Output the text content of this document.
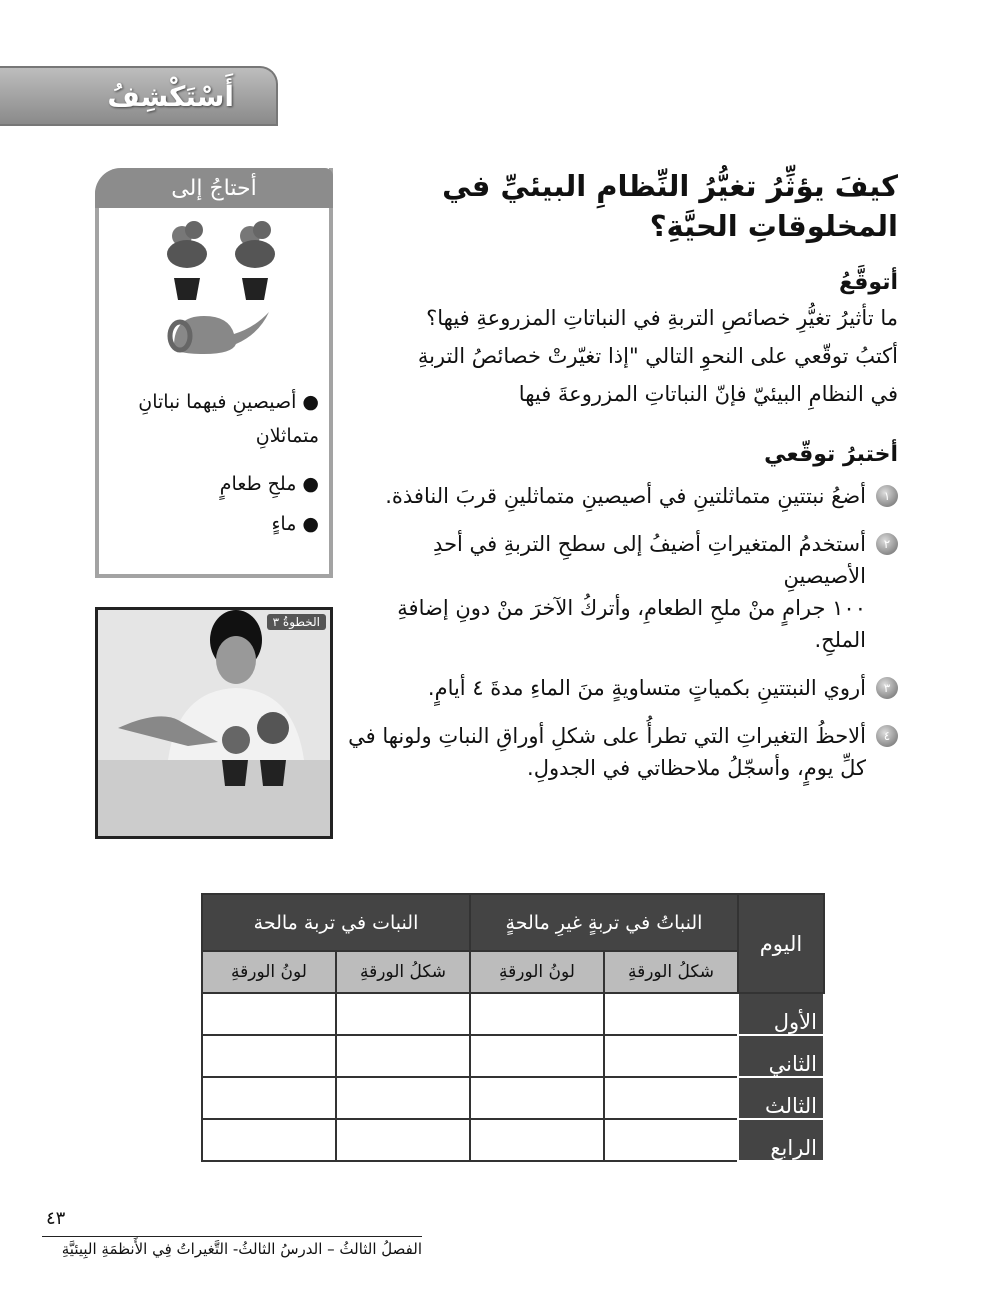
أَسْتَكْشِفُ
أحتاجُ إلى
● أصيصينِ فيهما نباتانِ
متماثلانِ
● ملحِ طعامٍ
● ماءٍ
الخطوةُ ٣
كيفَ يؤثِّرُ تغيُّرُ النِّظامِ البيئيِّ في المخلوقاتِ الحيَّةِ؟
أتوقَّعُ
ما تأثيرُ تغيُّرِ خصائصِ التربةِ في النباتاتِ المزروعةِ فيها؟
أكتبُ توقّعي على النحوِ التالي "إذا تغيّرتْ خصائصُ التربةِ
في النظامِ البيئيّ فإنّ النباتاتِ المزروعةَ فيها
أختبرُ توقّعي
١
أضعُ نبتتينِ متماثلتينِ في أصيصينِ متماثلينِ قربَ النافذة.
٢
أستخدمُ المتغيراتِ أضيفُ إلى سطحِ التربةِ في أحدِ الأصيصينِ
١٠٠ جرامٍ منْ ملحِ الطعامِ، وأتركُ الآخرَ منْ دونِ إضافةِ الملحِ.
٣
أروي النبتتينِ بكمياتٍ متساويةٍ منَ الماءِ مدةَ ٤ أيامٍ.
٤
ألاحظُ التغيراتِ التي تطرأُ على شكلِ أوراقِ النباتِ ولونها في
كلِّ يومٍ، وأسجّلُ ملاحظاتي في الجدولِ.
اليوم	النباتُ في تربةٍ غيرِ مالحةٍ		النبات في تربة مالحة	
	شكلُ الورقةِ	لونُ الورقةِ	شكلُ الورقةِ	لونُ الورقةِ
الأول				
الثاني				
الثالث				
الرابع				
٤٣
الفصلُ الثالثُ – الدرسُ الثالثُ- التَّغيراتُ فِي الأَنظمَةِ البِيئيَّةِ
